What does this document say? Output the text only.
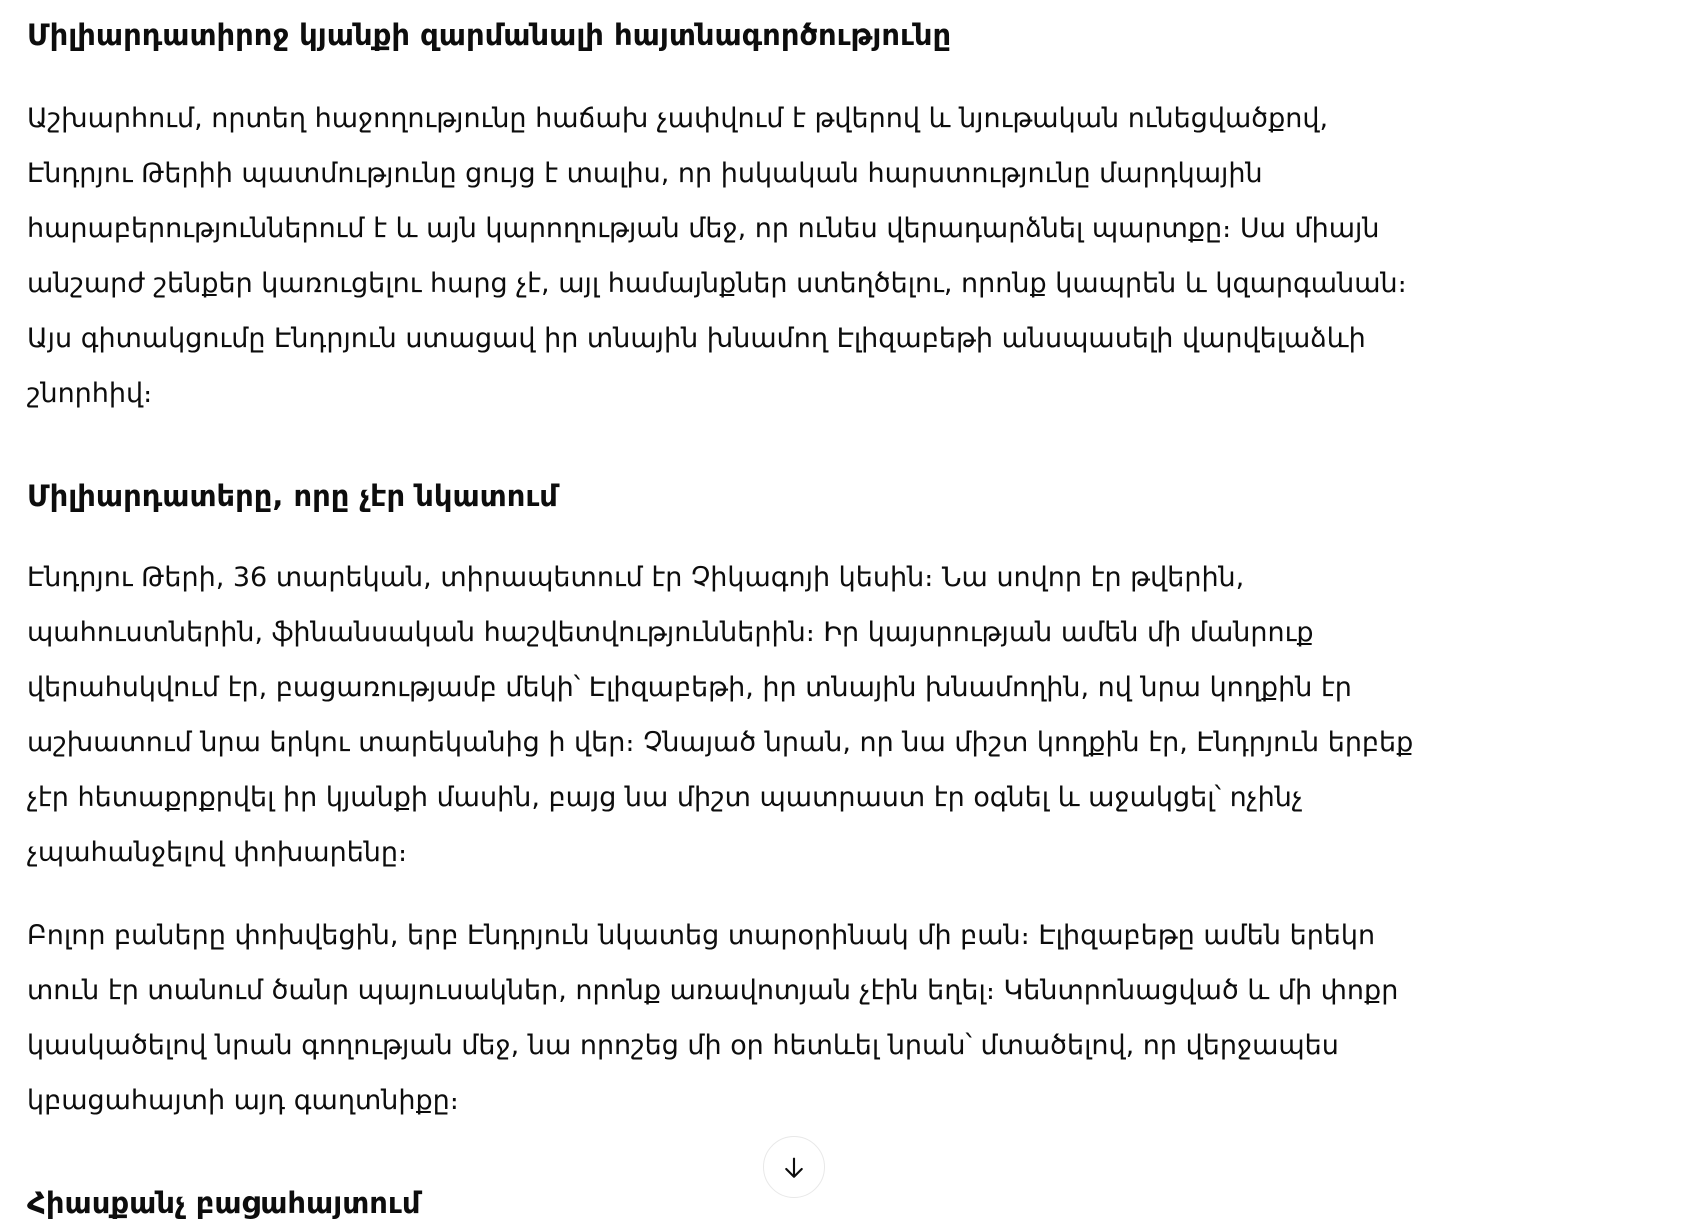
Միլիարդատիրոջ կյանքի զարմանալի հայտնագործությունը

Աշխարհում, որտեղ հաջողությունը հաճախ չափվում է թվերով և նյութական ունեցվածքով, Էնդրյու Թերիի պատմությունը ցույց է տալիս, որ իսկական հարստությունը մարդկային հարաբերություններում է և այն կարողության մեջ, որ ունես վերադարձնել պարտքը։ Սա միայն անշարժ շենքեր կառուցելու հարց չէ, այլ համայնքներ ստեղծելու, որոնք կապրեն և կզարգանան։ Այս գիտակցումը Էնդրյուն ստացավ իր տնային խնամող Էլիզաբեթի անսպասելի վարվելաձևի շնորհիվ։

Միլիարդատերը, որը չէր նկատում

Էնդրյու Թերի, 36 տարեկան, տիրապետում էր Չիկագոյի կեսին։ Նա սովոր էր թվերին, պահուստներին, ֆինանսական հաշվետվություններին։ Իր կայսրության ամեն մի մանրուք վերահսկվում էր, բացառությամբ մեկի՝ Էլիզաբեթի, իր տնային խնամողին, ով նրա կողքին էր աշխատում նրա երկու տարեկանից ի վեր։ Չնայած նրան, որ նա միշտ կողքին էր, Էնդրյուն երբեք չէր հետաքրքրվել իր կյանքի մասին, բայց նա միշտ պատրաստ էր օգնել և աջակցել՝ ոչինչ չպահանջելով փոխարենը։

Բոլոր բաները փոխվեցին, երբ Էնդրյուն նկատեց տարօրինակ մի բան։ Էլիզաբեթը ամեն երեկո տուն էր տանում ծանր պայուսակներ, որոնք առավոտյան չէին եղել։ Կենտրոնացված և մի փոքր կասկածելով նրան գողության մեջ, նա որոշեց մի օր հետևել նրան՝ մտածելով, որ վերջապես կբացահայտի այդ գաղտնիքը։

Հիասքանչ բացահայտում
